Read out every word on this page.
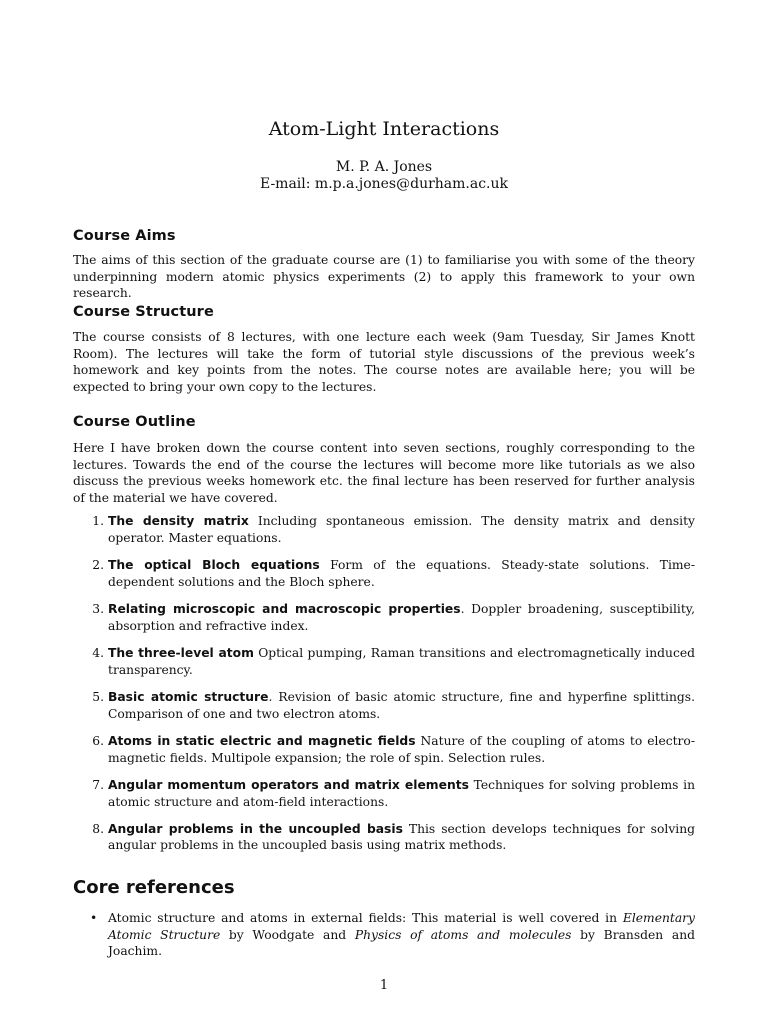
Atom-Light Interactions
M. P. A. Jones
E-mail: m.p.a.jones@durham.ac.uk
Course Aims

The aims of this section of the graduate course are (1) to familiarise you with some of the theory underpinning modern atomic physics experiments (2) to apply this framework to your own research.

Course Structure

The course consists of 8 lectures, with one lecture each week (9am Tuesday, Sir James Knott Room). The lectures will take the form of tutorial style discussions of the previous week’s homework and key points from the notes. The course notes are available here; you will be expected to bring your own copy to the lectures.

Course Outline

Here I have broken down the course content into seven sections, roughly corresponding to the lectures. Towards the end of the course the lectures will become more like tutorials as we also discuss the previous weeks homework etc. the final lecture has been reserved for further analysis of the material we have covered.

1. The density matrix Including spontaneous emission. The density matrix and density operator. Master equations.
2. The optical Bloch equations Form of the equations. Steady-state solutions. Time-dependent solutions and the Bloch sphere.
3. Relating microscopic and macroscopic properties. Doppler broadening, susceptibility, absorption and refractive index.
4. The three-level atom Optical pumping, Raman transitions and electromagnetically induced transparency.
5. Basic atomic structure. Revision of basic atomic structure, fine and hyperfine splittings. Comparison of one and two electron atoms.
6. Atoms in static electric and magnetic fields Nature of the coupling of atoms to electro-magnetic fields. Multipole expansion; the role of spin. Selection rules.
7. Angular momentum operators and matrix elements Techniques for solving problems in atomic structure and atom-field interactions.
8. Angular problems in the uncoupled basis This section develops techniques for solving angular problems in the uncoupled basis using matrix methods.
Core references
• Atomic structure and atoms in external fields: This material is well covered in Elementary Atomic Structure by Woodgate and Physics of atoms and molecules by Bransden and Joachim.
1
